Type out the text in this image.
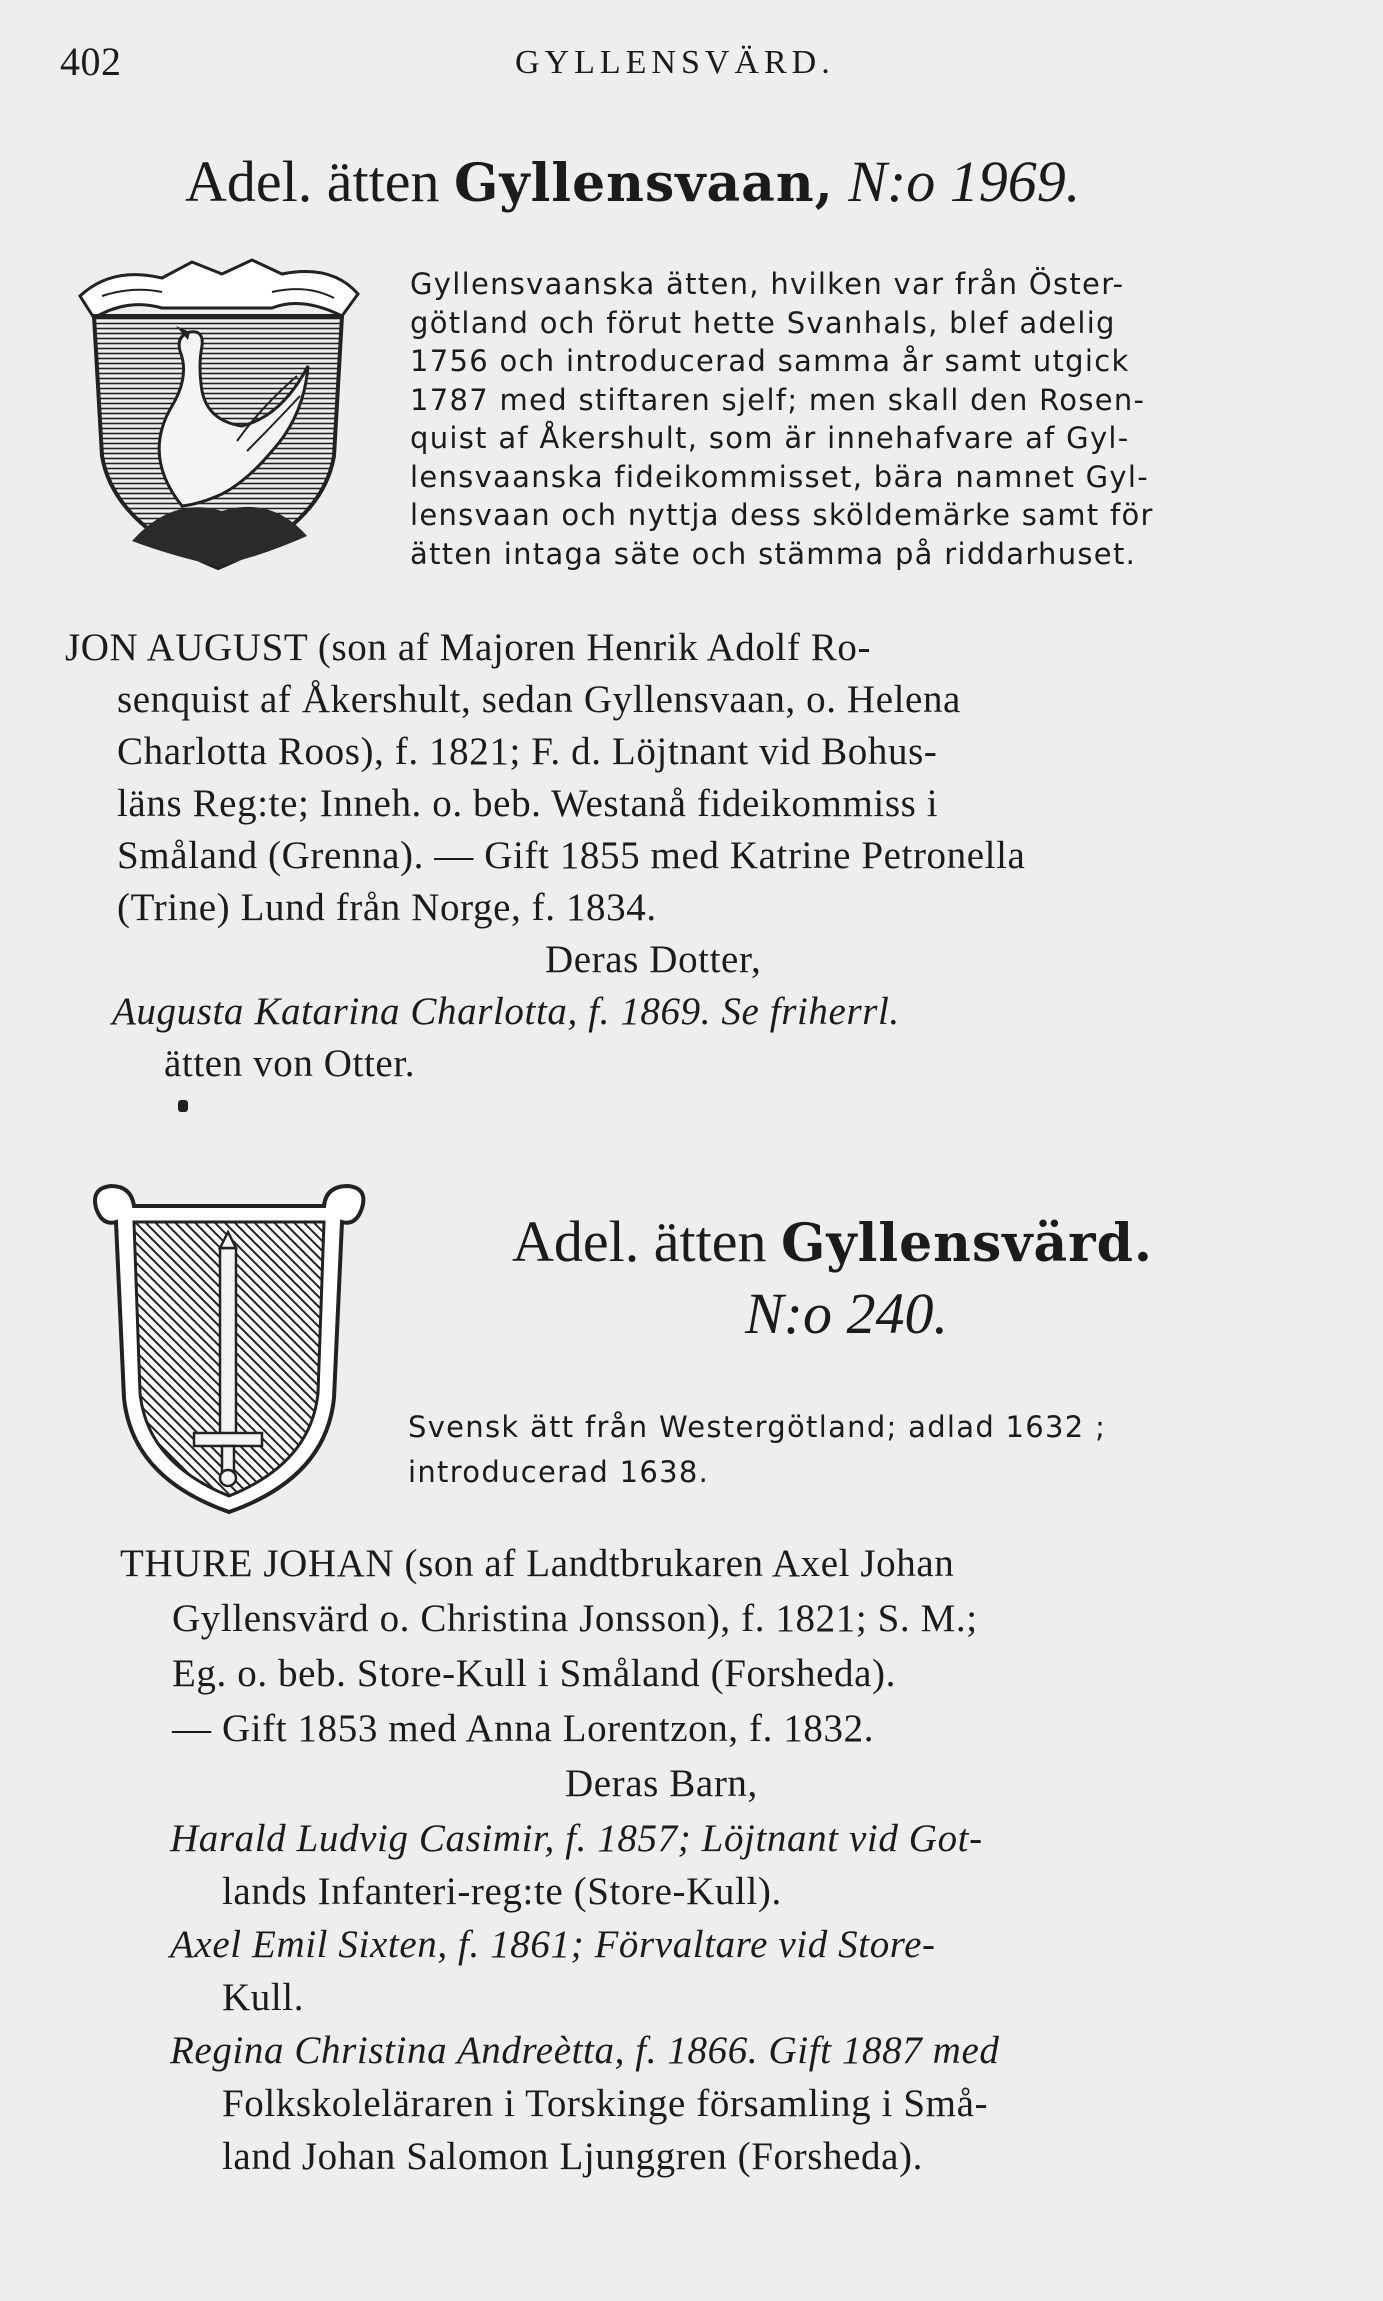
402	GYLLENSVÄRD.
Adel. ätten Gyllensvaan, N:o 1969.
Gyllensvaanska ätten, hvilken var från Öster-
götland och förut hette Svanhals, blef adelig
1756 och introducerad samma år samt utgick
1787 med stiftaren sjelf; men skall den Rosen-
quist af Åkershult, som är innehafvare af Gyl-
lensvaanska fideikommisset, bära namnet Gyl-
lensvaan och nyttja dess sköldemärke samt för
ätten intaga säte och stämma på riddarhuset.
JON AUGUST (son af Majoren Henrik Adolf Ro-
senquist af Åkershult, sedan Gyllensvaan, o. Helena
Charlotta Roos), f. 1821; F. d. Löjtnant vid Bohus-
läns Reg:te; Inneh. o. beb. Westanå fideikommiss i
Småland (Grenna). — Gift 1855 med Katrine Petronella
(Trine) Lund från Norge, f. 1834.
Deras Dotter,
Augusta Katarina Charlotta, f. 1869. Se friherrl.
ätten von Otter.
Adel. ätten Gyllensvärd.
N:o 240.
Svensk ätt från Westergötland; adlad 1632 ;
introducerad 1638.
THURE JOHAN (son af Landtbrukaren Axel Johan
Gyllensvärd o. Christina Jonsson), f. 1821; S. M.;
Eg. o. beb. Store-Kull i Småland (Forsheda).
— Gift 1853 med Anna Lorentzon, f. 1832.
Deras Barn,
Harald Ludvig Casimir, f. 1857; Löjtnant vid Got-
lands Infanteri-reg:te (Store-Kull).
Axel Emil Sixten, f. 1861; Förvaltare vid Store-
Kull.
Regina Christina Andreètta, f. 1866. Gift 1887 med
Folkskoleläraren i Torskinge församling i Små-
land Johan Salomon Ljunggren (Forsheda).
